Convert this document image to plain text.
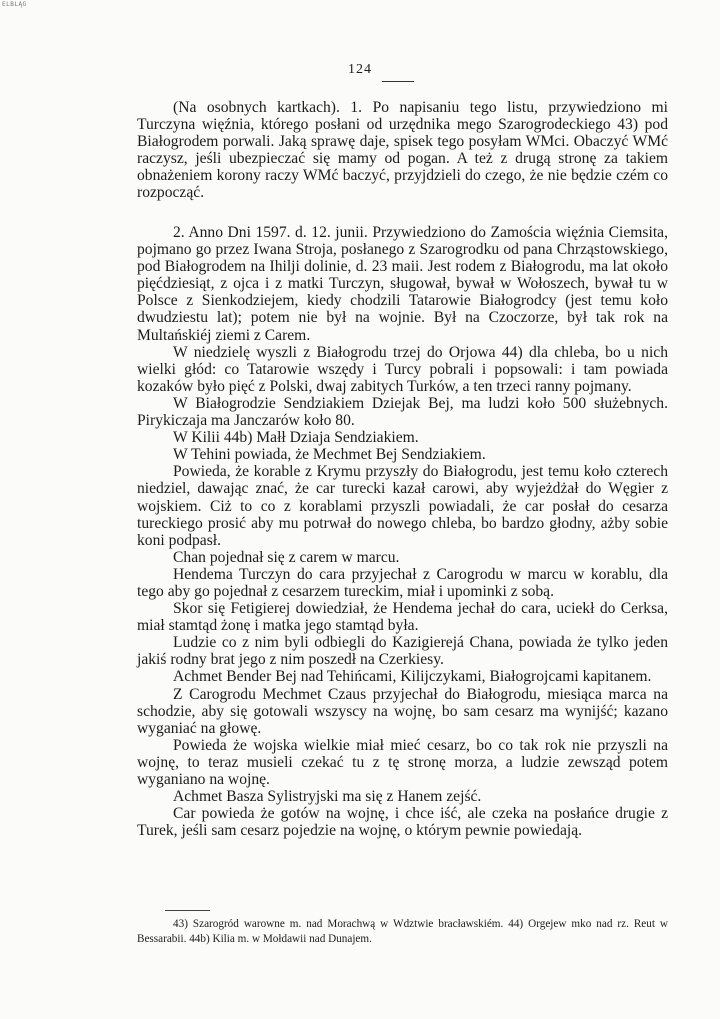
ELBLĄG
124

(Na osobnych kartkach). 1. Po napisaniu tego listu, przywiedziono mi Turczyna więźnia, którego posłani od urzędnika mego Szarogrodeckiego 43) pod Białogrodem porwali. Jaką sprawę daje, spisek tego posyłam WMci. Obaczyć WMć raczysz, jeśli ubezpieczać się mamy od pogan. A też z drugą stronę za takiem obnażeniem korony raczy WMć baczyć, przyjdzieli do czego, że nie będzie czém co rozpocząć.

2. Anno Dni 1597. d. 12. junii. Przywiedziono do Zamościa więźnia Ciemsita, pojmano go przez Iwana Stroja, posłanego z Szarogrodku od pana Chrząstowskiego, pod Białogrodem na Ihilji dolinie, d. 23 maii. Jest rodem z Białogrodu, ma lat około pięćdziesiąt, z ojca i z matki Turczyn, sługował, bywał w Wołoszech, bywał tu w Polsce z Sienkodziejem, kiedy chodzili Tatarowie Białogrodcy (jest temu koło dwudziestu lat); potem nie był na wojnie. Był na Czoczorze, był tak rok na Multańskiéj ziemi z Carem.

W niedzielę wyszli z Białogrodu trzej do Orjowa 44) dla chleba, bo u nich wielki głód: co Tatarowie wszędy i Turcy pobrali i popsowali: i tam powiada kozaków było pięć z Polski, dwaj zabitych Turków, a ten trzeci ranny pojmany.

W Białogrodzie Sendziakiem Dziejak Bej, ma ludzi koło 500 służebnych. Pirykiczaja ma Janczarów koło 80.

W Kilii 44b) Małł Dziaja Sendziakiem.

W Tehini powiada, że Mechmet Bej Sendziakiem.

Powieda, że korable z Krymu przyszły do Białogrodu, jest temu koło czterech niedziel, dawając znać, że car turecki kazał carowi, aby wyjeżdżał do Węgier z wojskiem. Ciż to co z korablami przyszli powiadali, że car posłał do cesarza tureckiego prosić aby mu potrwał do nowego chleba, bo bardzo głodny, ażby sobie koni podpasł.

Chan pojednał się z carem w marcu.

Hendema Turczyn do cara przyjechał z Carogrodu w marcu w korablu, dla tego aby go pojednał z cesarzem tureckim, miał i upominki z sobą.

Skor się Fetigierej dowiedział, że Hendema jechał do cara, uciekł do Cerksa, miał stamtąd żonę i matka jego stamtąd była.

Ludzie co z nim byli odbiegli do Kazigierejá Chana, powiada że tylko jeden jakiś rodny brat jego z nim poszedł na Czerkiesy.

Achmet Bender Bej nad Tehińcami, Kilijczykami, Białogrojcami kapitanem.

Z Carogrodu Mechmet Czaus przyjechał do Białogrodu, miesiąca marca na schodzie, aby się gotowali wszyscy na wojnę, bo sam cesarz ma wynijść; kazano wyganiać na głowę.

Powieda że wojska wielkie miał mieć cesarz, bo co tak rok nie przyszli na wojnę, to teraz musieli czekać tu z tę stronę morza, a ludzie zewsząd potem wyganiano na wojnę.

Achmet Basza Sylistryjski ma się z Hanem zejść.

Car powieda że gotów na wojnę, i chce iść, ale czeka na posłańce drugie z Turek, jeśli sam cesarz pojedzie na wojnę, o którym pewnie powiedają.

43) Szarogród warowne m. nad Morachwą w Wdztwie bracławskiém. 44) Orgejew mko nad rz. Reut w Bessarabii. 44b) Kilia m. w Mołdawii nad Dunajem.
